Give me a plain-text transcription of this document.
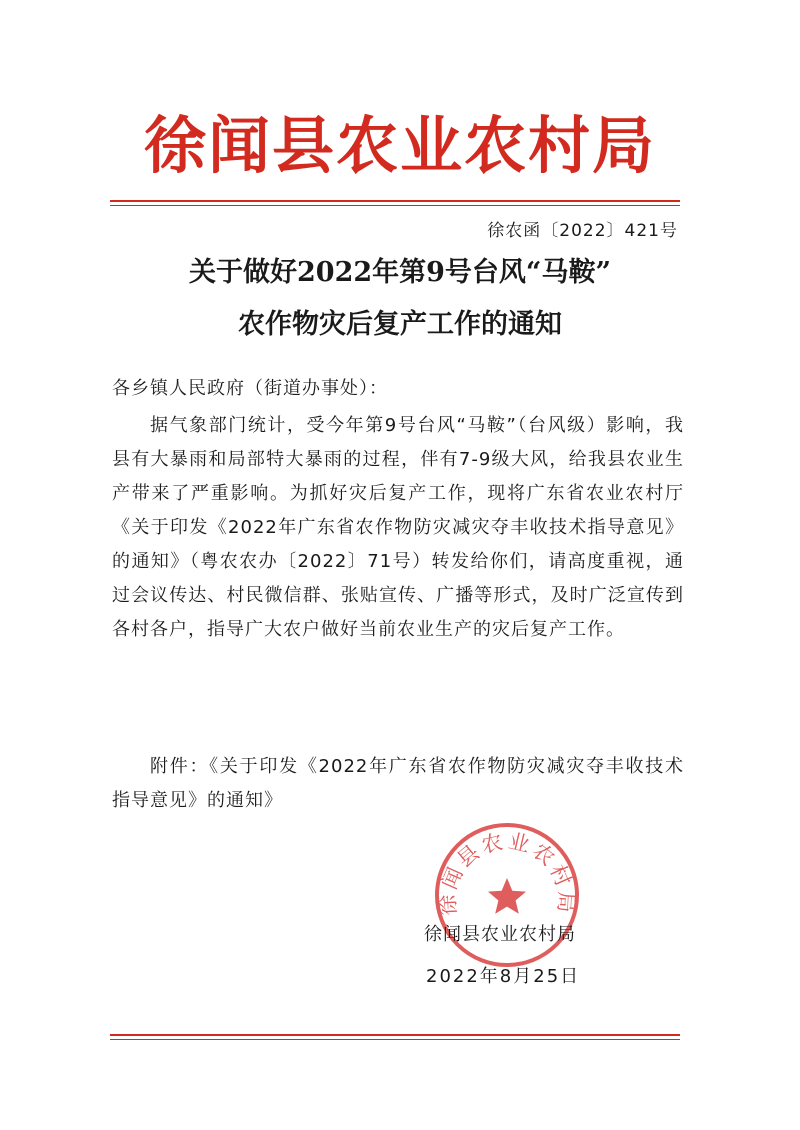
徐闻县农业农村局
徐农函〔2022〕421号
关于做好2022年第9号台风“马鞍”
农作物灾后复产工作的通知
各乡镇人民政府（街道办事处）：
据气象部门统计，受今年第9号台风“马鞍”（台风级）影响，我县有大暴雨和局部特大暴雨的过程，伴有7-9级大风，给我县农业生产带来了严重影响。为抓好灾后复产工作，现将广东省农业农村厅《关于印发《2022年广东省农作物防灾减灾夺丰收技术指导意见》的通知》（粤农农办〔2022〕71号）转发给你们，请高度重视，通过会议传达、村民微信群、张贴宣传、广播等形式，及时广泛宣传到各村各户，指导广大农户做好当前农业生产的灾后复产工作。
附件：《关于印发《2022年广东省农作物防灾减灾夺丰收技术指导意见》的通知》
徐闻县农业农村局
徐闻县农业农村局
2022年8月25日
